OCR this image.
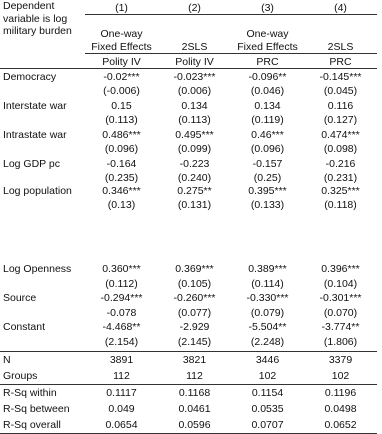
Dependent variable is log military burden	(1)	(2)	(3)	(4)
	One-way Fixed Effects	2SLS	One-way Fixed Effects	2SLS
	Polity IV	Polity IV	PRC	PRC
Democracy	-0.02***	-0.023***	-0.096**	-0.145***
	(-0.006)	(0.006)	(0.046)	(0.045)
Interstate war	0.15	0.134	0.134	0.116
	(0.113)	(0.113)	(0.119)	(0.127)
Intrastate war	0.486***	0.495***	0.46***	0.474***
	(0.096)	(0.099)	(0.096)	(0.098)
Log GDP pc	-0.164	-0.223	-0.157	-0.216
	(0.235)	(0.240)	(0.25)	(0.231)
Log population	0.346***	0.275**	0.395***	0.325***
	(0.13)	(0.131)	(0.133)	(0.118)
Log Openness	0.360***	0.369***	0.389***	0.396***
	(0.112)	(0.105)	(0.114)	(0.104)
Source	-0.294***	-0.260***	-0.330***	-0.301***
	-0.078	(0.077)	(0.079)	(0.070)
Constant	-4.468**	-2.929	-5.504**	-3.774**
	(2.154)	(2.145)	(2.248)	(1.806)
N	3891	3821	3446	3379
Groups	112	112	102	102
R-Sq within	0.1117	0.1168	0.1154	0.1196
R-Sq between	0.049	0.0461	0.0535	0.0498
R-Sq overall	0.0654	0.0596	0.0707	0.0652
